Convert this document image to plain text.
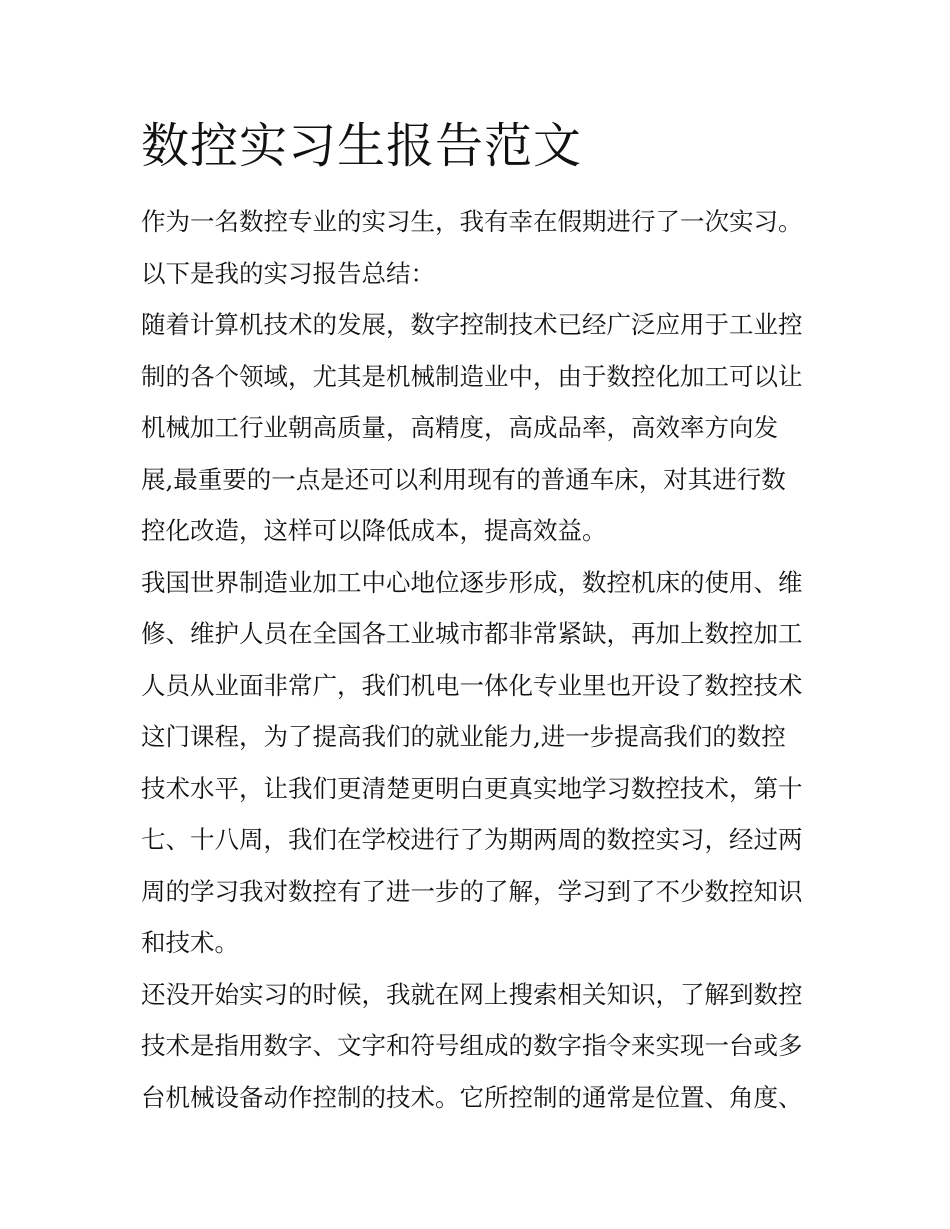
数控实习生报告范文
作为一名数控专业的实习生，我有幸在假期进行了一次实习。
以下是我的实习报告总结：
随着计算机技术的发展，数字控制技术已经广泛应用于工业控
制的各个领域，尤其是机械制造业中，由于数控化加工可以让
机械加工行业朝高质量，高精度，高成品率，高效率方向发
展,最重要的一点是还可以利用现有的普通车床，对其进行数
控化改造，这样可以降低成本，提高效益。
我国世界制造业加工中心地位逐步形成，数控机床的使用、维
修、维护人员在全国各工业城市都非常紧缺，再加上数控加工
人员从业面非常广，我们机电一体化专业里也开设了数控技术
这门课程，为了提高我们的就业能力,进一步提高我们的数控
技术水平，让我们更清楚更明白更真实地学习数控技术，第十
七、十八周，我们在学校进行了为期两周的数控实习，经过两
周的学习我对数控有了进一步的了解，学习到了不少数控知识
和技术。
还没开始实习的时候，我就在网上搜索相关知识，了解到数控
技术是指用数字、文字和符号组成的数字指令来实现一台或多
台机械设备动作控制的技术。它所控制的通常是位置、角度、
